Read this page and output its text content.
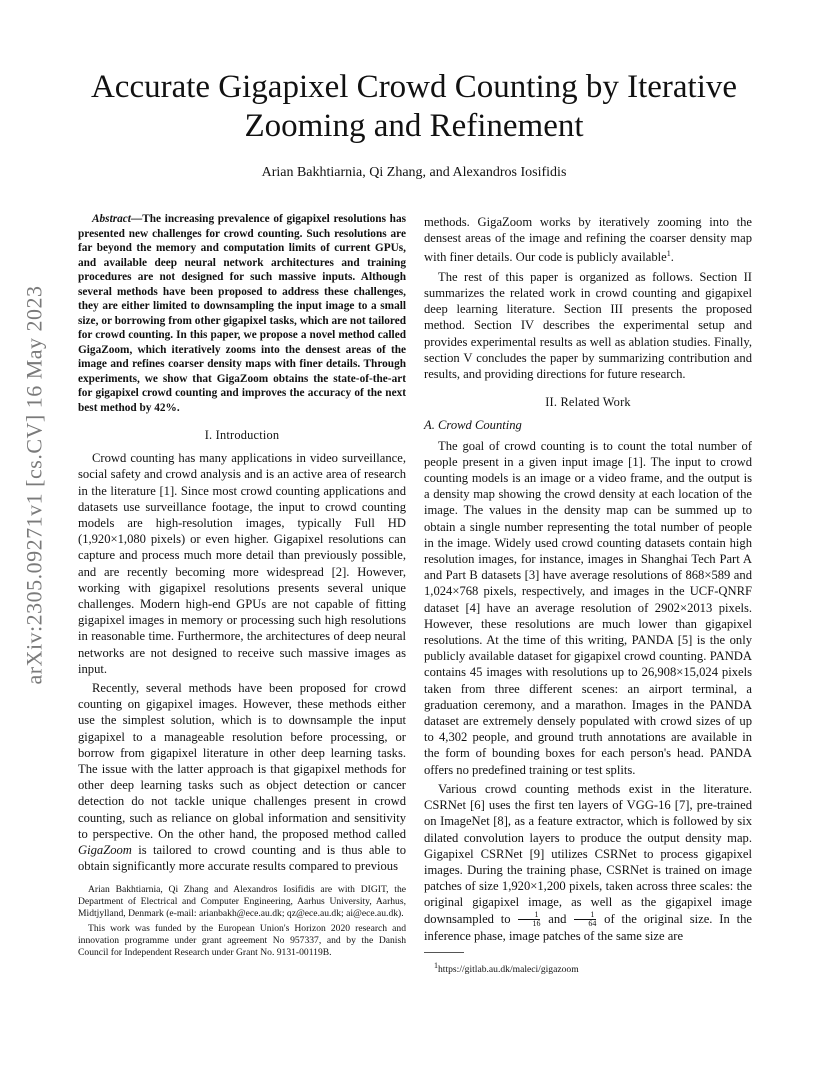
arXiv:2305.09271v1 [cs.CV] 16 May 2023
Accurate Gigapixel Crowd Counting by Iterative Zooming and Refinement

Arian Bakhtiarnia, Qi Zhang, and Alexandros Iosifidis

Abstract—The increasing prevalence of gigapixel resolutions has presented new challenges for crowd counting. Such resolutions are far beyond the memory and computation limits of current GPUs, and available deep neural network architectures and training procedures are not designed for such massive inputs. Although several methods have been proposed to address these challenges, they are either limited to downsampling the input image to a small size, or borrowing from other gigapixel tasks, which are not tailored for crowd counting. In this paper, we propose a novel method called GigaZoom, which iteratively zooms into the densest areas of the image and refines coarser density maps with finer details. Through experiments, we show that GigaZoom obtains the state-of-the-art for gigapixel crowd counting and improves the accuracy of the next best method by 42%.

I. Introduction

Crowd counting has many applications in video surveillance, social safety and crowd analysis and is an active area of research in the literature [1]. Since most crowd counting applications and datasets use surveillance footage, the input to crowd counting models are high-resolution images, typically Full HD (1,920×1,080 pixels) or even higher. Gigapixel resolutions can capture and process much more detail than previously possible, and are recently becoming more widespread [2]. However, working with gigapixel resolutions presents several unique challenges. Modern high-end GPUs are not capable of fitting gigapixel images in memory or processing such high resolutions in reasonable time. Furthermore, the architectures of deep neural networks are not designed to receive such massive images as input.

Recently, several methods have been proposed for crowd counting on gigapixel images. However, these methods either use the simplest solution, which is to downsample the input gigapixel to a manageable resolution before processing, or borrow from gigapixel literature in other deep learning tasks. The issue with the latter approach is that gigapixel methods for other deep learning tasks such as object detection or cancer detection do not tackle unique challenges present in crowd counting, such as reliance on global information and sensitivity to perspective. On the other hand, the proposed method called GigaZoom is tailored to crowd counting and is thus able to obtain significantly more accurate results compared to previous

Arian Bakhtiarnia, Qi Zhang and Alexandros Iosifidis are with DIGIT, the Department of Electrical and Computer Engineering, Aarhus University, Aarhus, Midtjylland, Denmark (e-mail: arianbakh@ece.au.dk; qz@ece.au.dk; ai@ece.au.dk).

This work was funded by the European Union's Horizon 2020 research and innovation programme under grant agreement No 957337, and by the Danish Council for Independent Research under Grant No. 9131-00119B.

methods. GigaZoom works by iteratively zooming into the densest areas of the image and refining the coarser density map with finer details. Our code is publicly available$^1$.

The rest of this paper is organized as follows. Section II summarizes the related work in crowd counting and gigapixel deep learning literature. Section III presents the proposed method. Section IV describes the experimental setup and provides experimental results as well as ablation studies. Finally, section V concludes the paper by summarizing contribution and results, and providing directions for future research.

II. Related Work
A. Crowd Counting

The goal of crowd counting is to count the total number of people present in a given input image [1]. The input to crowd counting models is an image or a video frame, and the output is a density map showing the crowd density at each location of the image. The values in the density map can be summed up to obtain a single number representing the total number of people in the image. Widely used crowd counting datasets contain high resolution images, for instance, images in Shanghai Tech Part A and Part B datasets [3] have average resolutions of 868×589 and 1,024×768 pixels, respectively, and images in the UCF-QNRF dataset [4] have an average resolution of 2902×2013 pixels. However, these resolutions are much lower than gigapixel resolutions. At the time of this writing, PANDA [5] is the only publicly available dataset for gigapixel crowd counting. PANDA contains 45 images with resolutions up to 26,908×15,024 pixels taken from three different scenes: an airport terminal, a graduation ceremony, and a marathon. Images in the PANDA dataset are extremely densely populated with crowd sizes of up to 4,302 people, and ground truth annotations are available in the form of bounding boxes for each person's head. PANDA offers no predefined training or test splits.

Various crowd counting methods exist in the literature. CSRNet [6] uses the first ten layers of VGG-16 [7], pre-trained on ImageNet [8], as a feature extractor, which is followed by six dilated convolution layers to produce the output density map. Gigapixel CSRNet [9] utilizes CSRNet to process gigapixel images. During the training phase, CSRNet is trained on image patches of size 1,920×1,200 pixels, taken across three scales: the original gigapixel image, as well as the gigapixel image downsampled to $\frac{1}{16}$ and $\frac{1}{64}$ of the original size. In the inference phase, image patches of the same size are

$^1$https://gitlab.au.dk/maleci/gigazoom
